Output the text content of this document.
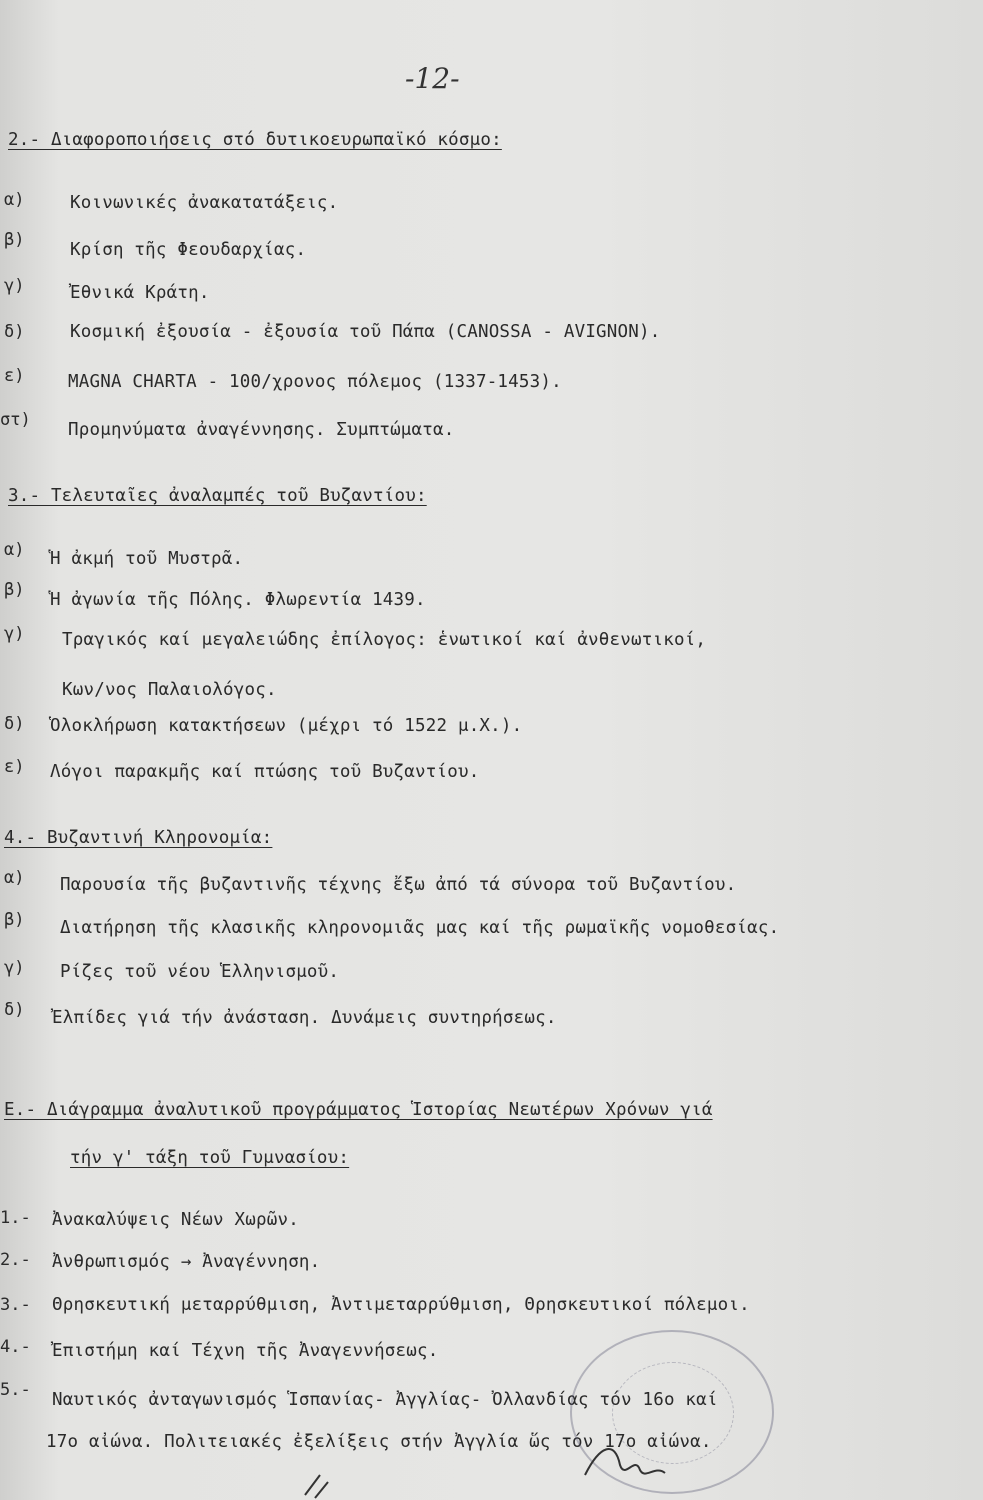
-12-
2.- Διαφοροποιήσεις στό δυτικοευρωπαϊκό κόσμο:
α)	Κοινωνικές ἀνακατατάξεις.
β)	Κρίση τῆς Φεουδαρχίας.
γ)	Ἐθνικά Κράτη.
δ)	Κοσμική ἐξουσία - ἐξουσία τοῦ Πάπα (CANOSSA - AVIGNON).
ε) MAGNA CHARTA - 100/χρονος πόλεμος (1337-1453).
στ) Προμηνύματα ἀναγέννησης. Συμπτώματα.
3.- Τελευταῖες ἀναλαμπές τοῦ Βυζαντίου:
α) Ἡ ἀκμή τοῦ Μυστρᾶ.
β) Ἡ ἀγωνία τῆς Πόλης. Φλωρεντία 1439.
γ) Τραγικός καί μεγαλειώδης ἐπίλογος: ἑνωτικοί καί ἀνθενωτικοί,
Κων/νος Παλαιολόγος.
δ) Ὁλοκλήρωση κατακτήσεων (μέχρι τό 1522 μ.Χ.).
ε) Λόγοι παρακμῆς καί πτώσης τοῦ Βυζαντίου.
4.- Βυζαντινή Κληρονομία:
α) Παρουσία τῆς βυζαντινῆς τέχνης ἔξω ἀπό τά σύνορα τοῦ Βυζαντίου.
β) Διατήρηση τῆς κλασικῆς κληρονομιᾶς μας καί τῆς ρωμαϊκῆς νομοθεσίας.
γ) Ρίζες τοῦ νέου Ἑλληνισμοῦ.
δ) Ἐλπίδες γιά τήν ἀνάσταση. Δυνάμεις συντηρήσεως.
Ε.- Διάγραμμα ἀναλυτικοῦ προγράμματος Ἱστορίας Νεωτέρων Χρόνων γιά
τήν γ' τάξη τοῦ Γυμνασίου:
1.- Ἀνακαλύψεις Νέων Χωρῶν.
2.- Ἀνθρωπισμός → Ἀναγέννηση.
3.- Θρησκευτική μεταρρύθμιση, Ἀντιμεταρρύθμιση, Θρησκευτικοί πόλεμοι.
4.- Ἐπιστήμη καί Τέχνη τῆς Ἀναγεννήσεως.
5.- Ναυτικός ἀνταγωνισμός Ἱσπανίας- Ἀγγλίας- Ὀλλανδίας τόν 16ο καί
17ο αἰώνα. Πολιτειακές ἐξελίξεις στήν Ἀγγλία ὥς τόν 17ο αἰώνα.
